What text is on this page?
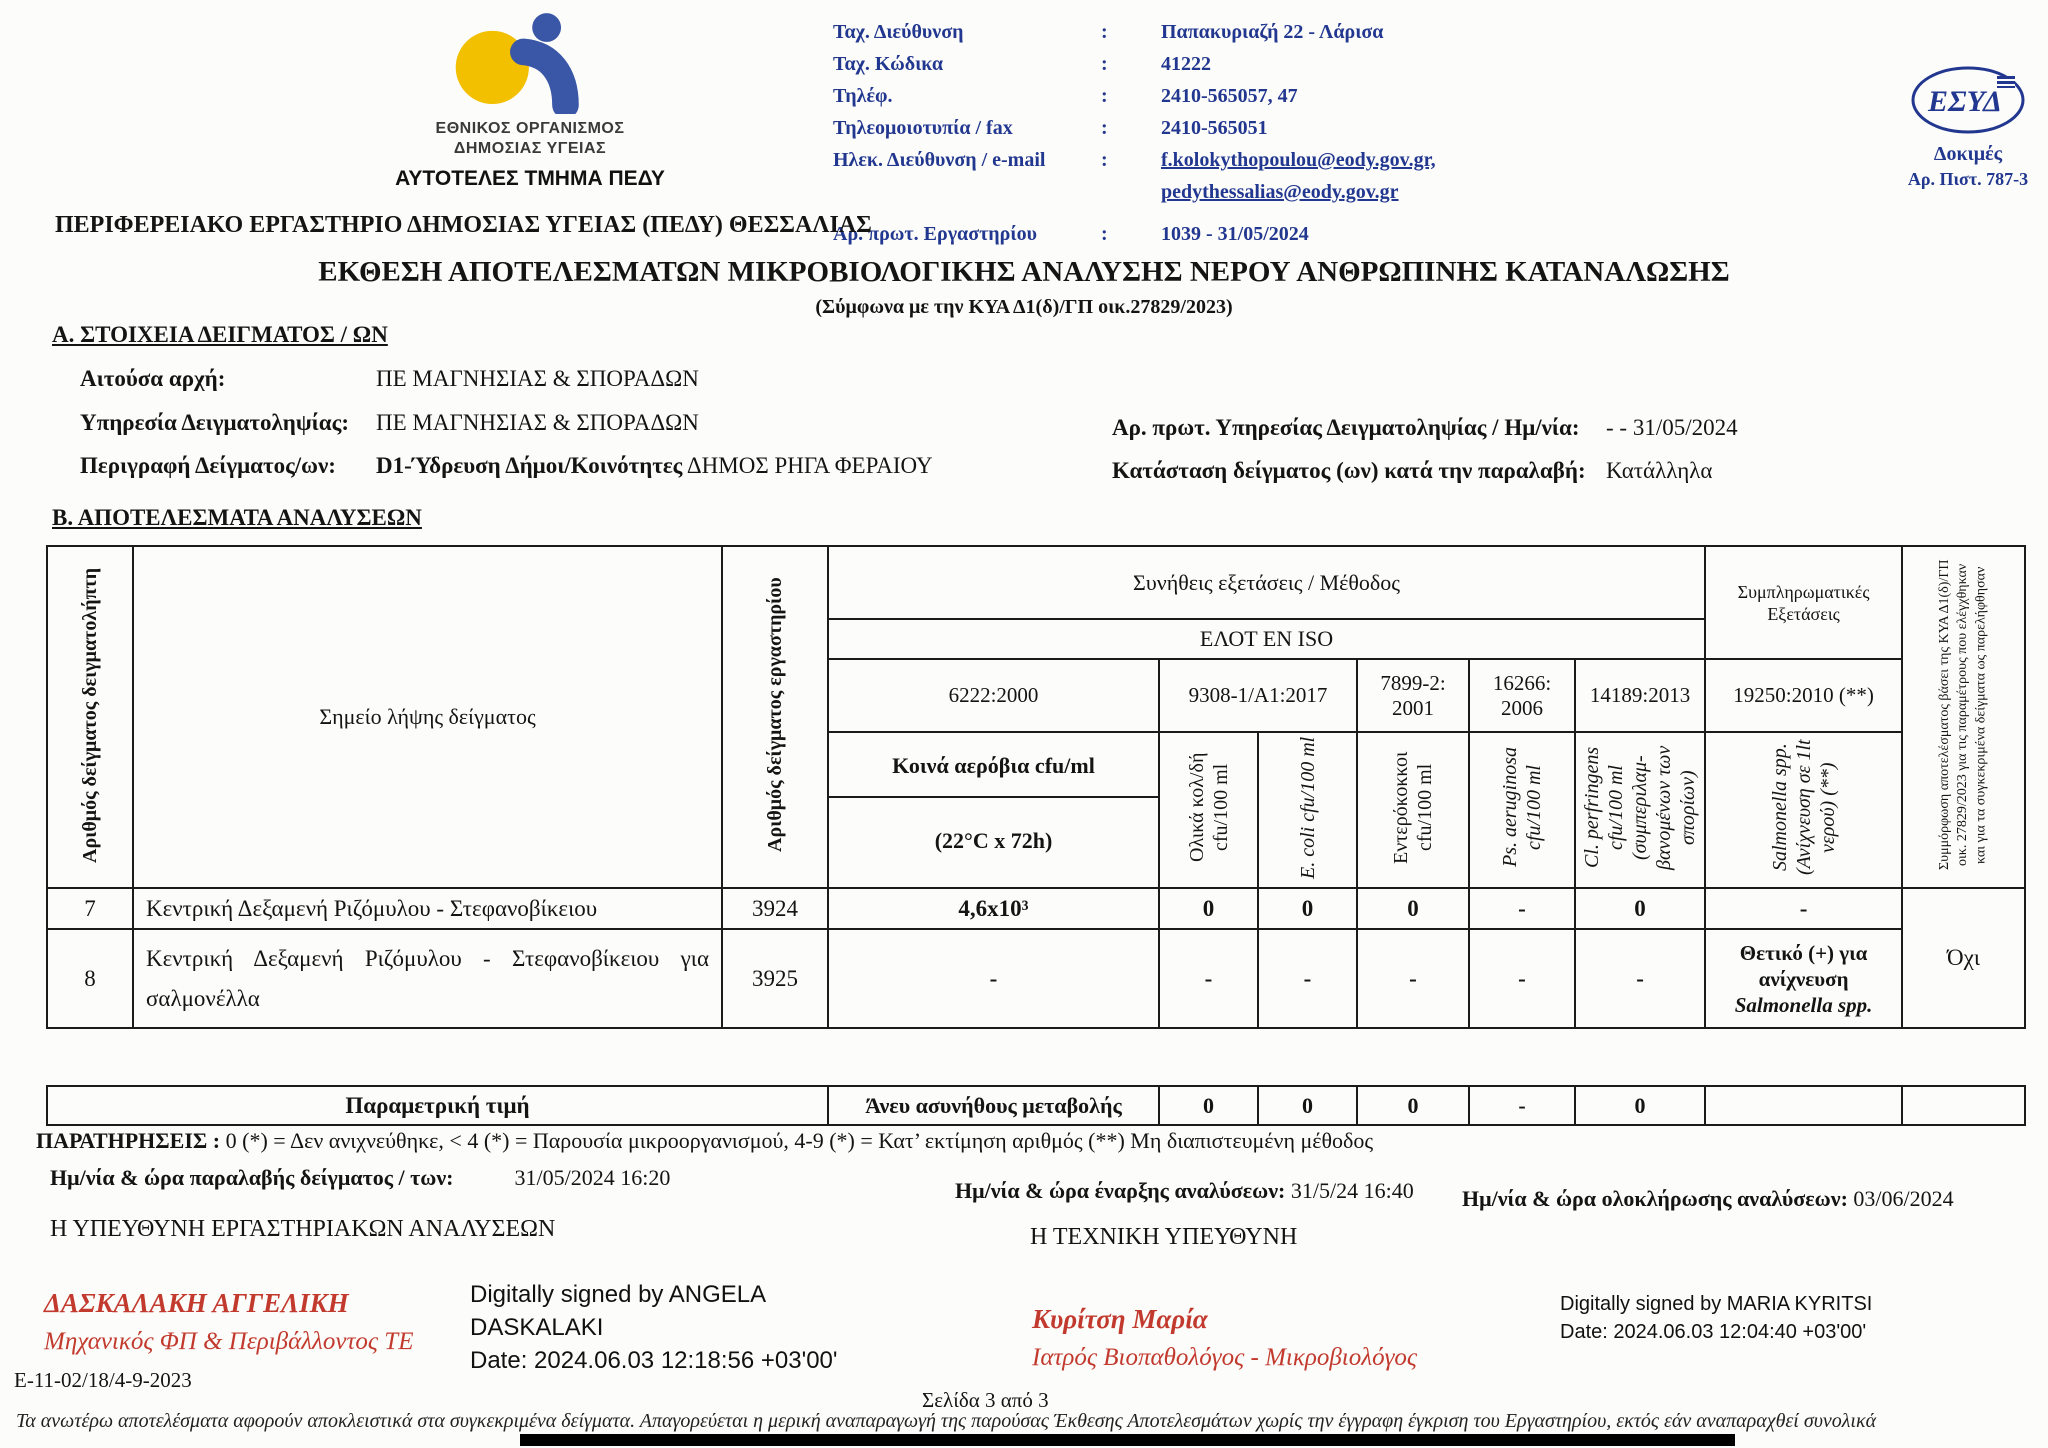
ΕΘΝΙΚΟΣ ΟΡΓΑΝΙΣΜΟΣ
ΔΗΜΟΣΙΑΣ ΥΓΕΙΑΣ
ΑΥΤΟΤΕΛΕΣ ΤΜΗΜΑ ΠΕΔΥ
Ταχ. Διεύθυνση	:	Παπακυριαζή 22 - Λάρισα
Ταχ. Κώδικα	:	41222
Τηλέφ.	:	2410-565057, 47
Τηλεομοιοτυπία / fax	:	2410-565051
Ηλεκ. Διεύθυνση / e-mail	:	f.kolokythopoulou@eody.gov.gr,
pedythessalias@eody.gov.gr
Αρ. πρωτ. Εργαστηρίου	:	1039 - 31/05/2024
ΕΣΥΔ
Δοκιμές
Αρ. Πιστ. 787-3
ΠΕΡΙΦΕΡΕΙΑΚΟ ΕΡΓΑΣΤΗΡΙΟ ΔΗΜΟΣΙΑΣ ΥΓΕΙΑΣ (ΠΕΔΥ) ΘΕΣΣΑΛΙΑΣ
ΕΚΘΕΣΗ ΑΠΟΤΕΛΕΣΜΑΤΩΝ ΜΙΚΡΟΒΙΟΛΟΓΙΚΗΣ ΑΝΑΛΥΣΗΣ ΝΕΡΟΥ ΑΝΘΡΩΠΙΝΗΣ ΚΑΤΑΝΑΛΩΣΗΣ
(Σύμφωνα με την ΚΥΑ Δ1(δ)/ΓΠ οικ.27829/2023)
Α. ΣΤΟΙΧΕΙΑ ΔΕΙΓΜΑΤΟΣ / ΩΝ
Αιτούσα αρχή:	ΠΕ ΜΑΓΝΗΣΙΑΣ & ΣΠΟΡΑΔΩΝ
Υπηρεσία Δειγματοληψίας: ΠΕ ΜΑΓΝΗΣΙΑΣ & ΣΠΟΡΑΔΩΝ
Περιγραφή Δείγματος/ων: D1-Ύδρευση Δήμοι/Κοινότητες ΔΗΜΟΣ ΡΗΓΑ ΦΕΡΑΙΟΥ
Αρ. πρωτ. Υπηρεσίας Δειγματοληψίας / Ημ/νία: - - 31/05/2024
Κατάσταση δείγματος (ων) κατά την παραλαβή: Κατάλληλα
Β. ΑΠΟΤΕΛΕΣΜΑΤΑ ΑΝΑΛΥΣΕΩΝ
Αριθμός δείγματος δειγματολήπτη	Σημείο λήψης δείγματος	Αριθμός δείγματος εργαστηρίου	Συνήθεις εξετάσεις / Μέθοδος						Συμπληρωματικές Εξετάσεις	Συμμόρφωση αποτελέσματος βάσει της ΚΥΑ Δ1(δ)/ΓΠ οικ. 27829/2023 για τις παραμέτρους που ελέγχθηκαν και για τα συγκεκριμένα δείγματα ως παρελήφθησαν
			ΕΛΟΤ EN ISO							
			6222:2000	9308-1/A1:2017		7899-2: 2001	16266: 2006	14189:2013	19250:2010 (**)	

Κοινά αερόβια cfu/ml
(22°C x 72h)	Ολικά κολ/δή cfu/100 ml	E. coli cfu/100 ml	Εντερόκοκκοι cfu/100 ml	Ps. aeruginosa cfu/100 ml	Cl. perfringens cfu/100 ml (συμπεριλαμ- βανομένων των σπορίων)	Salmonella spp. (Ανίχνευση σε 1lt νερού) (**)	
7	Κεντρική Δεξαμενή Ριζόμυλου - Στεφανοβίκειου	3924	4,6x10³	0	0	0	-	0	-	Όχι
8	Κεντρική Δεξαμενή Ριζόμυλου - Στεφανοβίκειου για σαλμονέλλα	3925	-	-	-	-	-	-	Θετικό (+) για ανίχνευση Salmonella spp.	
Παραμετρική τιμή	Άνευ ασυνήθους μεταβολής	0	0	0	-	0		
ΠΑΡΑΤΗΡΗΣΕΙΣ : 0 (*) = Δεν ανιχνεύθηκε, < 4 (*) = Παρουσία μικροοργανισμού, 4-9 (*) = Κατ’ εκτίμηση αριθμός (**) Μη διαπιστευμένη μέθοδος
Ημ/νία & ώρα παραλαβής δείγματος / των:	31/05/2024 16:20
Ημ/νία & ώρα έναρξης αναλύσεων: 31/5/24 16:40 Ημ/νία & ώρα ολοκλήρωσης αναλύσεων: 03/06/2024
Η ΥΠΕΥΘΥΝΗ ΕΡΓΑΣΤΗΡΙΑΚΩΝ ΑΝΑΛΥΣΕΩΝ	Η ΤΕΧΝΙΚΗ ΥΠΕΥΘΥΝΗ
ΔΑΣΚΑΛΑΚΗ ΑΓΓΕΛΙΚΗ
Μηχανικός ΦΠ & Περιβάλλοντος ΤΕ
Digitally signed by ANGELA DASKALAKI
Date: 2024.06.03 12:18:56 +03'00'
Κυρίτση Μαρία
Ιατρός Βιοπαθολόγος - Μικροβιολόγος
Digitally signed by MARIA KYRITSI
Date: 2024.06.03 12:04:40 +03'00'
Ε-11-02/18/4-9-2023
Σελίδα 3 από 3
Τα ανωτέρω αποτελέσματα αφορούν αποκλειστικά στα συγκεκριμένα δείγματα. Απαγορεύεται η μερική αναπαραγωγή της παρούσας Έκθεσης Αποτελεσμάτων χωρίς την έγγραφη έγκριση του Εργαστηρίου, εκτός εάν αναπαραχθεί συνολικά
